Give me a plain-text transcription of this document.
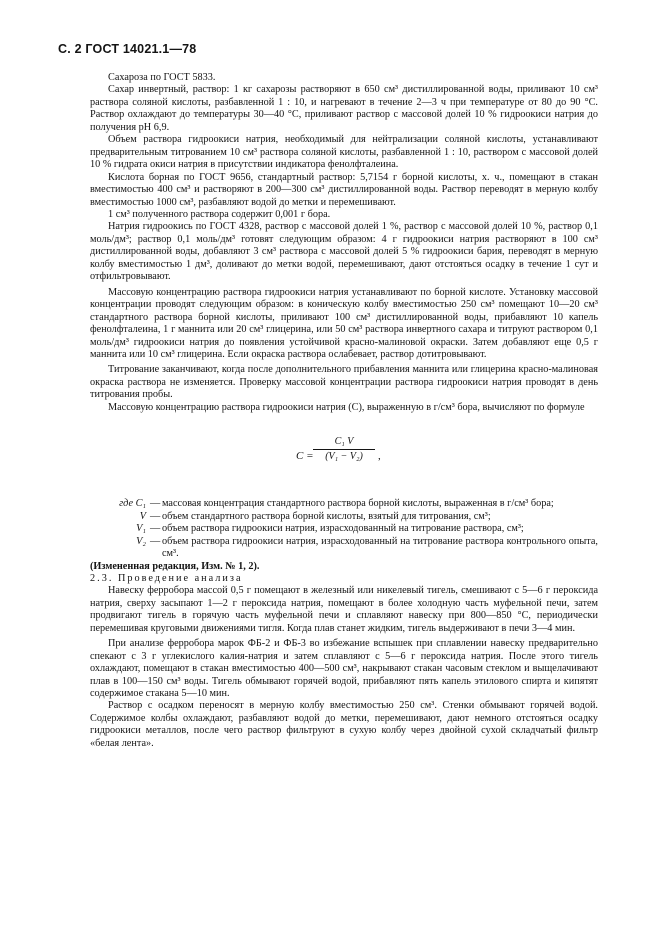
С. 2 ГОСТ 14021.1—78

Сахароза по ГОСТ 5833.

Сахар инвертный, раствор: 1 кг сахарозы растворяют в 650 см³ дистиллированной воды, приливают 10 см³ раствора соляной кислоты, разбавленной 1 : 10, и нагревают в течение 2—3 ч при температуре от 80 до 90 °С. Раствор охлаждают до температуры 30—40 °С, приливают раствор с массовой долей 10 % гидроокиси натрия до получения pH 6,9.

Объем раствора гидроокиси натрия, необходимый для нейтрализации соляной кислоты, устанавливают предварительным титрованием 10 см³ раствора соляной кислоты, разбавленной 1 : 10, раствором с массовой долей 10 % гидрата окиси натрия в присутствии индикатора фенолфталеина.

Кислота борная по ГОСТ 9656, стандартный раствор: 5,7154 г борной кислоты, х. ч., помещают в стакан вместимостью 400 см³ и растворяют в 200—300 см³ дистиллированной воды. Раствор переводят в мерную колбу вместимостью 1000 см³, разбавляют водой до метки и перемешивают.

1 см³ полученного раствора содержит 0,001 г бора.

Натрия гидроокись по ГОСТ 4328, раствор с массовой долей 1 %, раствор с массовой долей 10 %, раствор 0,1 моль/дм³; раствор 0,1 моль/дм³ готовят следующим образом: 4 г гидроокиси натрия растворяют в 100 см³ дистиллированной воды, добавляют 3 см³ раствора с массовой долей 5 % гидроокиси бария, переводят в мерную колбу вместимостью 1 дм³, доливают до метки водой, перемешивают, дают отстояться осадку в течение 1 сут и отфильтровывают.

Массовую концентрацию раствора гидроокиси натрия устанавливают по борной кислоте. Установку массовой концентрации проводят следующим образом: в коническую колбу вместимостью 250 см³ помещают 10—20 см³ стандартного раствора борной кислоты, приливают 100 см³ дистиллированной воды, прибавляют 10 капель фенолфталеина, 1 г маннита или 20 см³ глицерина, или 50 см³ раствора инвертного сахара и титруют раствором 0,1 моль/дм³ гидроокиси натрия до появления устойчивой красно-малиновой окраски. Затем добавляют еще 0,5 г маннита или 10 см³ глицерина. Если окраска раствора ослабевает, раствор дотитровывают.

Титрование заканчивают, когда после дополнительного прибавления маннита или глицерина красно-малиновая окраска раствора не изменяется. Проверку массовой концентрации раствора гидроокиси натрия проводят в день титрования пробы.

Массовую концентрацию раствора гидроокиси натрия (С), выраженную в г/см³ бора, вычисляют по формуле

C =
C₁ V
(V₁ − V₂)	,
где C₁ — массовая концентрация стандартного раствора борной кислоты, выраженная в г/см³ бора;
V — объем стандартного раствора борной кислоты, взятый для титрования, см³;
V₁ — объем раствора гидроокиси натрия, израсходованный на титрование раствора, см³;
V₂ — объем раствора гидроокиси натрия, израсходованный на титрование раствора контрольного опыта, см³.

(Измененная редакция, Изм. № 1, 2).

2.3. Проведение анализа

Навеску ферробора массой 0,5 г помещают в железный или никелевый тигель, смешивают с 5—6 г пероксида натрия, сверху засыпают 1—2 г пероксида натрия, помещают в более холодную часть муфельной печи, затем продвигают тигель в горячую часть муфельной печи и сплавляют навеску при 800—850 °С, периодически перемешивая круговыми движениями тигля. Когда плав станет жидким, тигель выдерживают в печи 3—4 мин.

При анализе ферробора марок ФБ-2 и ФБ-3 во избежание вспышек при сплавлении навеску предварительно спекают с 3 г углекислого калия-натрия и затем сплавляют с 5—6 г пероксида натрия. После этого тигель охлаждают, помещают в стакан вместимостью 400—500 см³, накрывают стакан часовым стеклом и выщелачивают плав в 100—150 см³ воды. Тигель обмывают горячей водой, прибавляют пять капель этилового спирта и кипятят содержимое стакана 5—10 мин.

Раствор с осадком переносят в мерную колбу вместимостью 250 см³. Стенки обмывают горячей водой. Содержимое колбы охлаждают, разбавляют водой до метки, перемешивают, дают немного отстояться осадку гидроокиси металлов, после чего раствор фильтруют в сухую колбу через двойной сухой складчатый фильтр «белая лента».
